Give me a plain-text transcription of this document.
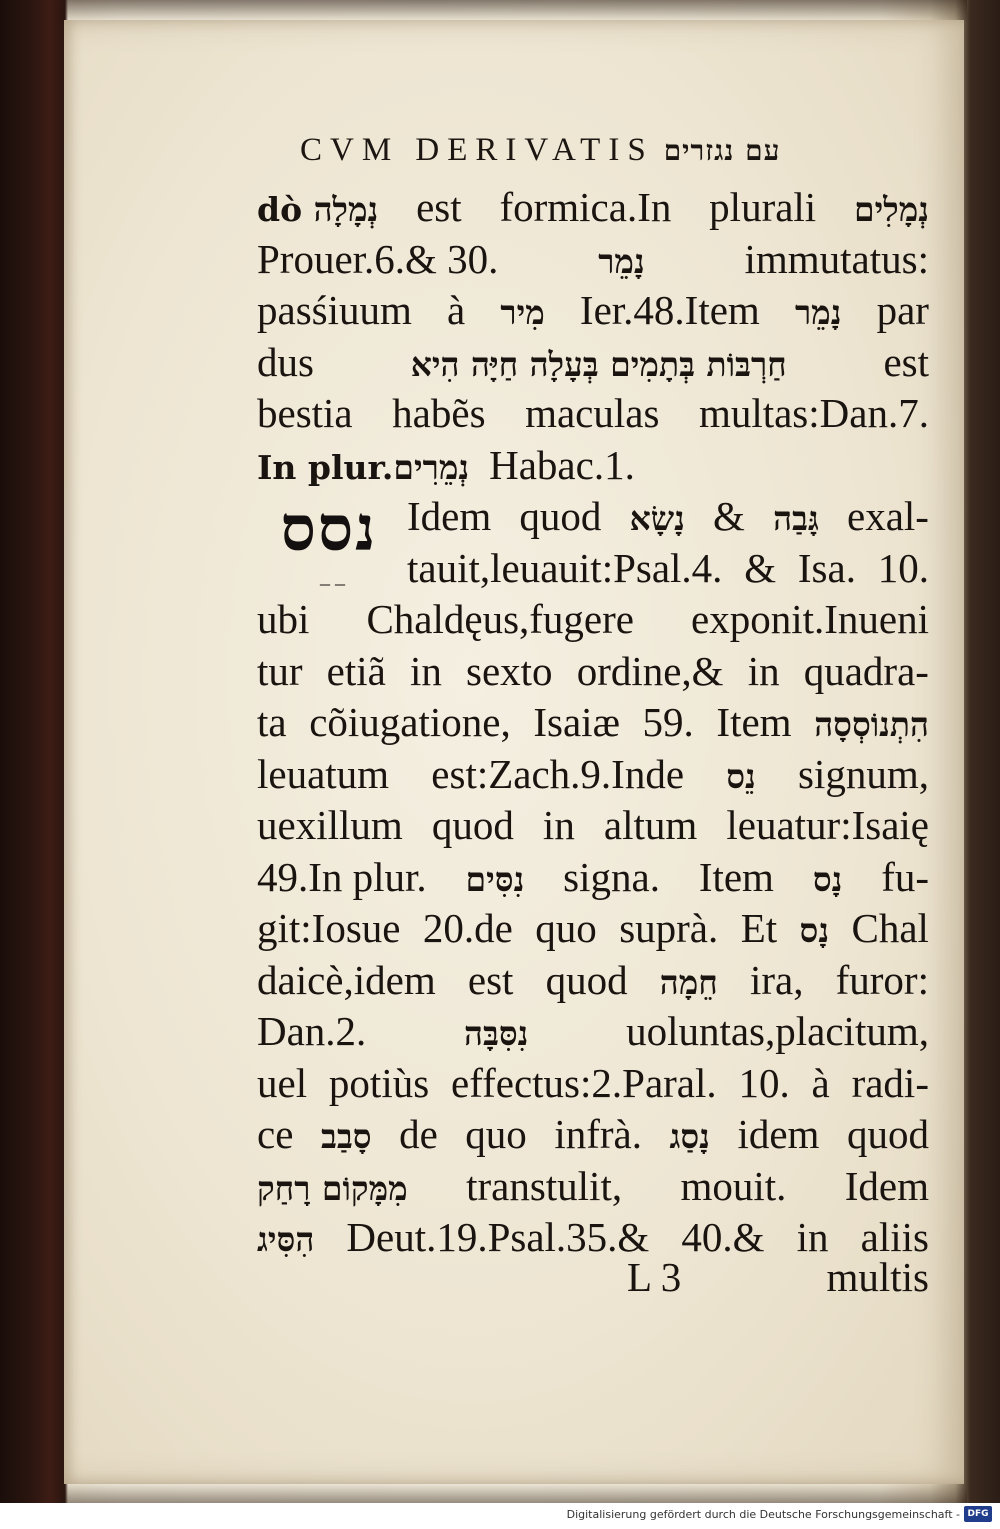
CVM DERIVATIS עם נגזרים
נסס
dò נְמָלָה est formica.In plurali נְמָלִים
Prouer.6.& 30.	נָמֵר immutatus:
pasśiuum à מִיר Ier.48.Item נָמֵר par
dus	חַרְבּוֹת בְּתָמִים בְּעָלָה חַיָּה הִיא est
bestia habẽs maculas multas:Dan.7.
In plur.נְמֵרִים Habac.1.
Idem quod נָשָׂא & גָּבַה exal-
tauit,leuauit:Psal.4. & Isa. 10.
ubi Chaldęus,fugere exponit.Inueni
tur etiã in sexto ordine,& in quadra-
ta cõiugatione, Isaiæ 59. Item הִתְנוֹסְסָה
leuatum est:Zach.9.Inde נֵס signum,
uexillum quod in altum leuatur:Isaię
49.In plur. נִסִּים signa. Item נָס fu-
git:Iosue 20.de quo suprà. Et נָס Chal
daicè,idem est quod חֵמָה ira, furor:
Dan.2.	נִסִּבָּה uoluntas,placitum,
uel potiùs effectus:2.Paral. 10. à radi-
ce סָבַב de quo infrà. נָסַג idem quod
מִמָּקוֹם רָחַק transtulit, mouit. Idem
הִסִּיג Deut.19.Psal.35.& 40.& in aliis
L 3	multis
Digitalisierung gefördert durch die Deutsche Forschungsgemeinschaft - DFG
